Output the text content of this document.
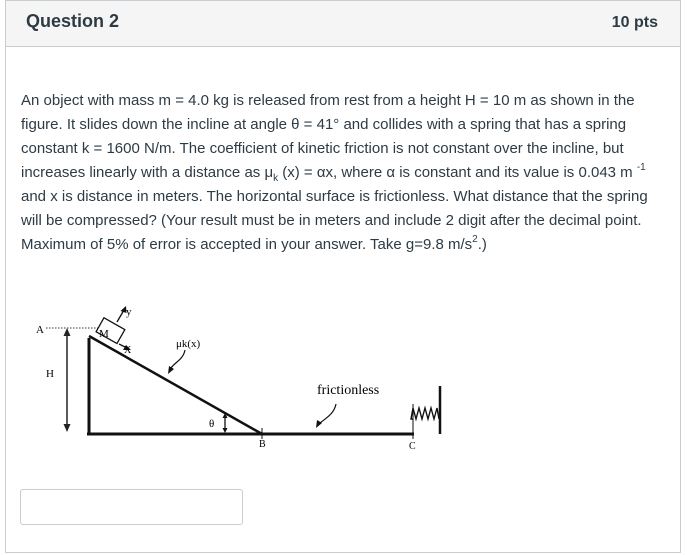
Question 2	10 pts
An object with mass m = 4.0 kg is released from rest from a height H = 10 m as shown in the figure. It slides down the incline at angle θ = 41° and collides with a spring that has a spring constant k = 1600 N/m. The coefficient of kinetic friction is not constant over the incline, but increases linearly with a distance as $\mu_k$ (x) = αx, where α is constant and its value is 0.043 m $^{-1}$ and x is distance in meters. The horizontal surface is frictionless. What distance that the spring will be compressed? (Your result must be in meters and include 2 digit after the decimal point. Maximum of 5% of error is accepted in your answer. Take g=9.8 $m/s^2$.)
A
H
M
y
X
μk(x)
θ
B
frictionless
C
